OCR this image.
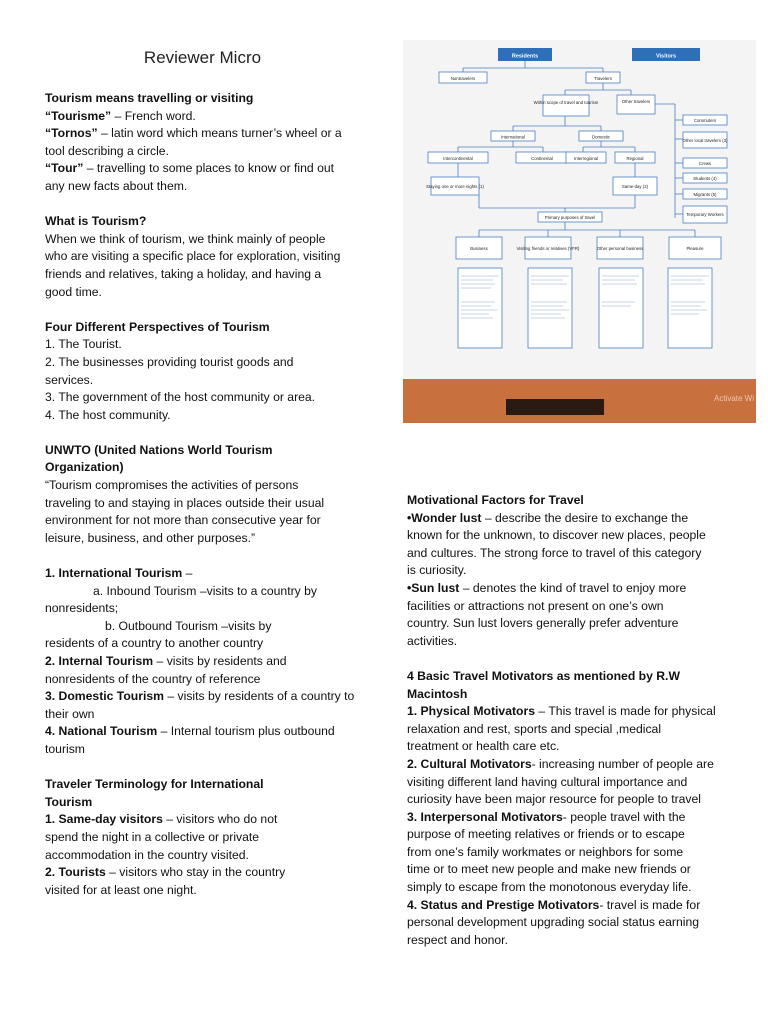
Reviewer Micro

Tourism means travelling or visiting

“Tourisme” – French word.

“Tornos” – latin word which means turner’s wheel or a

tool describing a circle.

“Tour” – travelling to some places to know or find out

any new facts about them.

What is Tourism?

When we think of tourism, we think mainly of people

who are visiting a specific place for exploration, visiting

friends and relatives, taking a holiday, and having a

good time.

Four Different Perspectives of Tourism

1. The Tourist.

2. The businesses providing tourist goods and

services.

3. The government of the host community or area.

4. The host community.

UNWTO (United Nations World Tourism

Organization)

“Tourism compromises the activities of persons

traveling to and staying in places outside their usual

environment for not more than consecutive year for

leisure, business, and other purposes.”

1. International Tourism –

a. Inbound Tourism –visits to a country by

nonresidents;

b. Outbound Tourism –visits by

residents of a country to another country

2. Internal Tourism – visits by residents and

nonresidents of the country of reference

3. Domestic Tourism – visits by residents of a country to

their own

4. National Tourism – Internal tourism plus outbound

tourism

Traveler Terminology for International

Tourism

1. Same-day visitors – visitors who do not

spend the night in a collective or private

accommodation in the country visited.

2. Tourists – visitors who stay in the country

visited for at least one night.

Motivational Factors for Travel

•Wonder lust – describe the desire to exchange the

known for the unknown, to discover new places, people

and cultures. The strong force to travel of this category

is curiosity.

•Sun lust – denotes the kind of travel to enjoy more

facilities or attractions not present on one’s own

country. Sun lust lovers generally prefer adventure

activities.

4 Basic Travel Motivators as mentioned by R.W

Macintosh

1. Physical Motivators – This travel is made for physical

relaxation and rest, sports and special ,medical

treatment or health care etc.

2. Cultural Motivators- increasing number of people are

visiting different land having cultural importance and

curiosity have been major resource for people to travel

3. Interpersonal Motivators- people travel with the

purpose of meeting relatives or friends or to escape

from one’s family workmates or neighbors for some

time or to meet new people and make new friends or

simply to escape from the monotonous everyday life.

4. Status and Prestige Motivators- travel is made for

personal development upgrading social status earning

respect and honor.

Residents	Visitors
Nontravelers	Travelers
Within scope of travel and tourism	Other travelers
International	Domestic
Intercontinental	Continental	Interregional	Regional
Staying one or more nights (1)	Same-day (2)
Primary purposes of travel
Commuters
Other local travelers (3)
Crews
Students (4)
Migrants (5)
Temporary Workers
Business	Visiting friends or relatives (VFR)	Other personal business	Pleasure
Activate Wi
